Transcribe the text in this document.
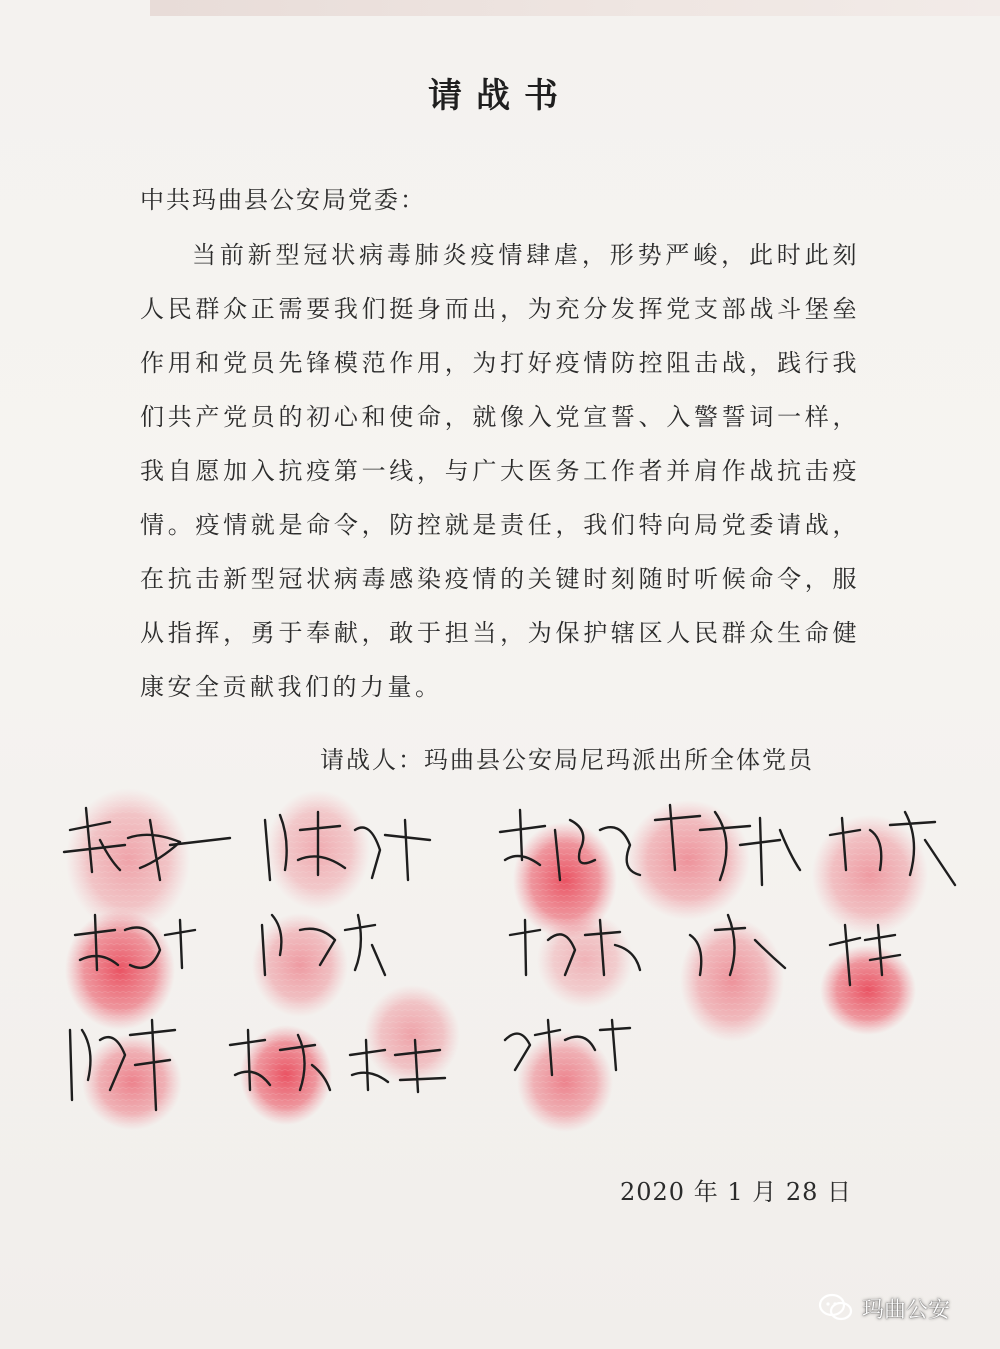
请战书
中共玛曲县公安局党委：
当前新型冠状病毒肺炎疫情肆虐，形势严峻，此时此刻人民群众正需要我们挺身而出，为充分发挥党支部战斗堡垒作用和党员先锋模范作用，为打好疫情防控阻击战，践行我们共产党员的初心和使命，就像入党宣誓、入警誓词一样，我自愿加入抗疫第一线，与广大医务工作者并肩作战抗击疫情。疫情就是命令，防控就是责任，我们特向局党委请战，在抗击新型冠状病毒感染疫情的关键时刻随时听候命令，服从指挥，勇于奉献，敢于担当，为保护辖区人民群众生命健康安全贡献我们的力量。
请战人：玛曲县公安局尼玛派出所全体党员
2020 年 1 月 28 日
玛曲公安
